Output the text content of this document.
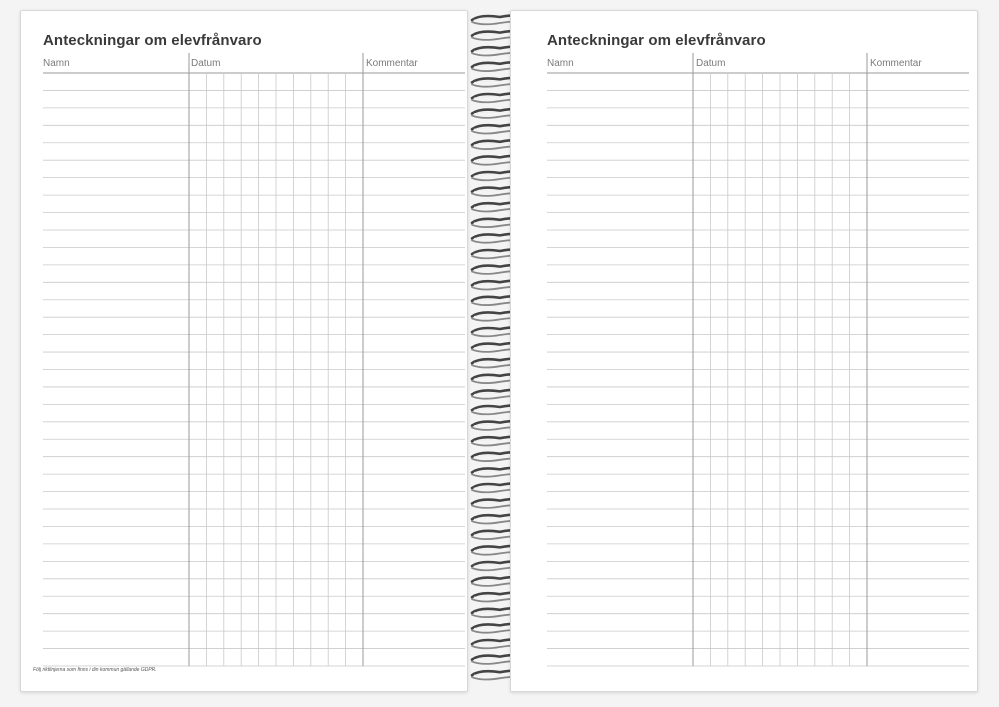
Anteckningar om elevfrånvaro
Namn	Datum	Kommentar
Följ riktlinjerna som finns i din kommun gällande GDPR.
Anteckningar om elevfrånvaro
Namn	Datum	Kommentar
